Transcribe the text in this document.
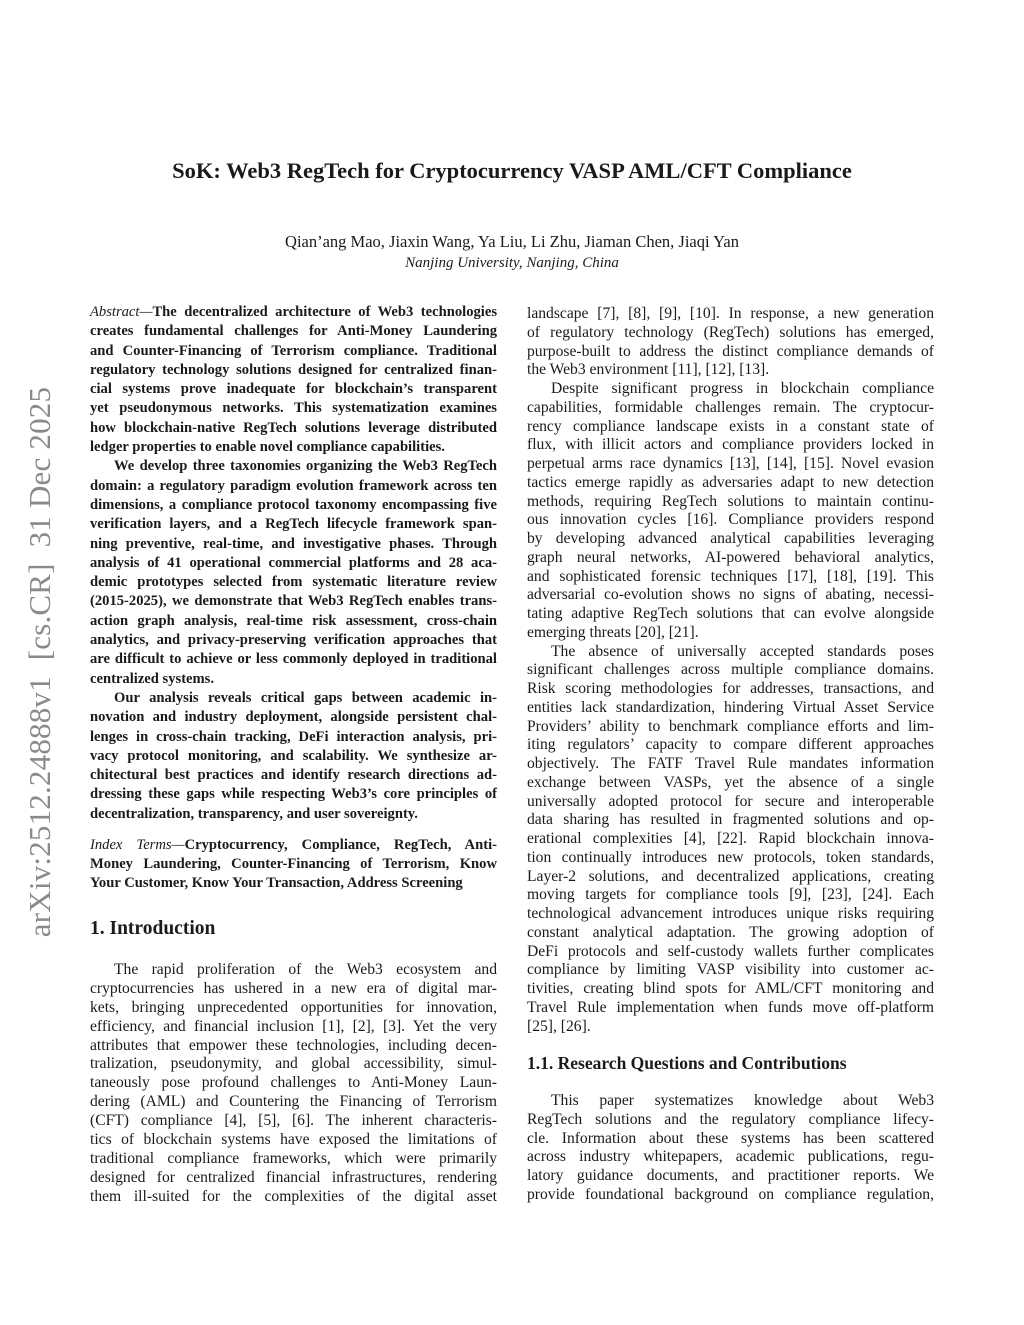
arXiv:2512.24888v1  [cs.CR]  31 Dec 2025
SoK: Web3 RegTech for Cryptocurrency VASP AML/CFT Compliance
Qian’ang Mao, Jiaxin Wang, Ya Liu, Li Zhu, Jiaman Chen, Jiaqi Yan
Nanjing University, Nanjing, China
Abstract—The decentralized architecture of Web3 technologies
creates fundamental challenges for Anti-Money Laundering
and Counter-Financing of Terrorism compliance. Traditional
regulatory technology solutions designed for centralized finan-
cial systems prove inadequate for blockchain’s transparent
yet pseudonymous networks. This systematization examines
how blockchain-native RegTech solutions leverage distributed
ledger properties to enable novel compliance capabilities.
We develop three taxonomies organizing the Web3 RegTech
domain: a regulatory paradigm evolution framework across ten
dimensions, a compliance protocol taxonomy encompassing five
verification layers, and a RegTech lifecycle framework span-
ning preventive, real-time, and investigative phases. Through
analysis of 41 operational commercial platforms and 28 aca-
demic prototypes selected from systematic literature review
(2015-2025), we demonstrate that Web3 RegTech enables trans-
action graph analysis, real-time risk assessment, cross-chain
analytics, and privacy-preserving verification approaches that
are difficult to achieve or less commonly deployed in traditional
centralized systems.
Our analysis reveals critical gaps between academic in-
novation and industry deployment, alongside persistent chal-
lenges in cross-chain tracking, DeFi interaction analysis, pri-
vacy protocol monitoring, and scalability. We synthesize ar-
chitectural best practices and identify research directions ad-
dressing these gaps while respecting Web3’s core principles of
decentralization, transparency, and user sovereignty.
Index Terms—Cryptocurrency, Compliance, RegTech, Anti-
Money Laundering, Counter-Financing of Terrorism, Know
Your Customer, Know Your Transaction, Address Screening
1. Introduction
The rapid proliferation of the Web3 ecosystem and
cryptocurrencies has ushered in a new era of digital mar-
kets, bringing unprecedented opportunities for innovation,
efficiency, and financial inclusion [1], [2], [3]. Yet the very
attributes that empower these technologies, including decen-
tralization, pseudonymity, and global accessibility, simul-
taneously pose profound challenges to Anti-Money Laun-
dering (AML) and Countering the Financing of Terrorism
(CFT) compliance [4], [5], [6]. The inherent characteris-
tics of blockchain systems have exposed the limitations of
traditional compliance frameworks, which were primarily
designed for centralized financial infrastructures, rendering
them ill-suited for the complexities of the digital asset
landscape [7], [8], [9], [10]. In response, a new generation
of regulatory technology (RegTech) solutions has emerged,
purpose-built to address the distinct compliance demands of
the Web3 environment [11], [12], [13].
Despite significant progress in blockchain compliance
capabilities, formidable challenges remain. The cryptocur-
rency compliance landscape exists in a constant state of
flux, with illicit actors and compliance providers locked in
perpetual arms race dynamics [13], [14], [15]. Novel evasion
tactics emerge rapidly as adversaries adapt to new detection
methods, requiring RegTech solutions to maintain continu-
ous innovation cycles [16]. Compliance providers respond
by developing advanced analytical capabilities leveraging
graph neural networks, AI-powered behavioral analytics,
and sophisticated forensic techniques [17], [18], [19]. This
adversarial co-evolution shows no signs of abating, necessi-
tating adaptive RegTech solutions that can evolve alongside
emerging threats [20], [21].
The absence of universally accepted standards poses
significant challenges across multiple compliance domains.
Risk scoring methodologies for addresses, transactions, and
entities lack standardization, hindering Virtual Asset Service
Providers’ ability to benchmark compliance efforts and lim-
iting regulators’ capacity to compare different approaches
objectively. The FATF Travel Rule mandates information
exchange between VASPs, yet the absence of a single
universally adopted protocol for secure and interoperable
data sharing has resulted in fragmented solutions and op-
erational complexities [4], [22]. Rapid blockchain innova-
tion continually introduces new protocols, token standards,
Layer-2 solutions, and decentralized applications, creating
moving targets for compliance tools [9], [23], [24]. Each
technological advancement introduces unique risks requiring
constant analytical adaptation. The growing adoption of
DeFi protocols and self-custody wallets further complicates
compliance by limiting VASP visibility into customer ac-
tivities, creating blind spots for AML/CFT monitoring and
Travel Rule implementation when funds move off-platform
[25], [26].
1.1. Research Questions and Contributions
This paper systematizes knowledge about Web3
RegTech solutions and the regulatory compliance lifecy-
cle. Information about these systems has been scattered
across industry whitepapers, academic publications, regu-
latory guidance documents, and practitioner reports. We
provide foundational background on compliance regulation,
